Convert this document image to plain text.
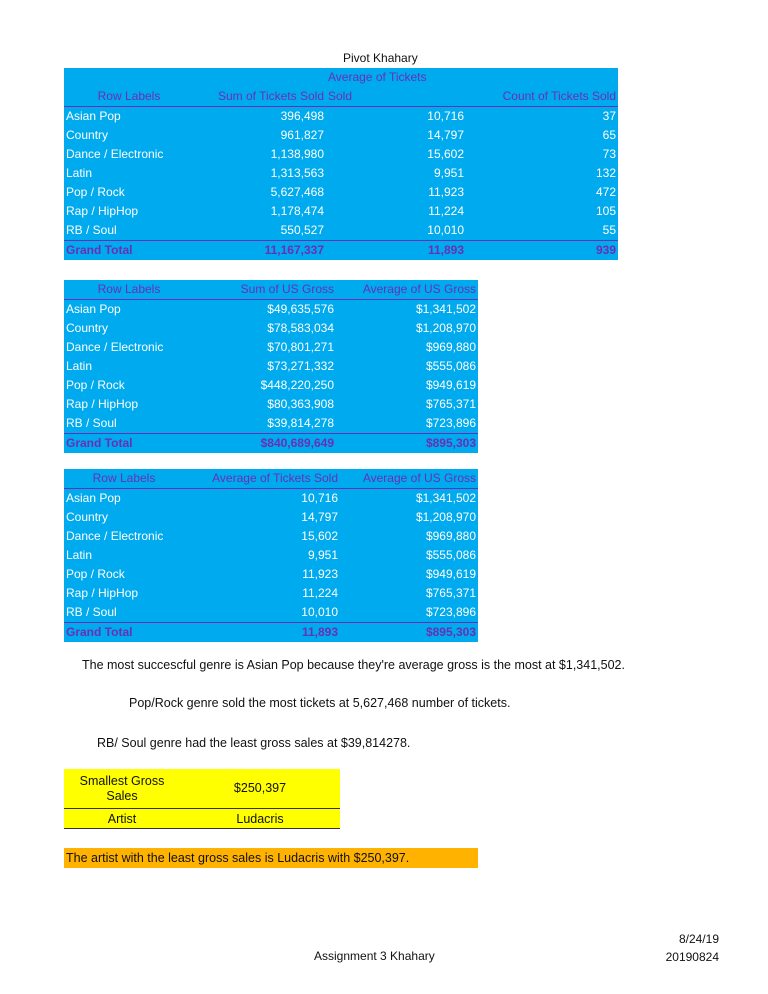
Pivot Khahary
		Average of Tickets	
Row Labels	Sum of Tickets Sold	Sold	Count of Tickets Sold
Asian Pop	396,498	10,716	37
Country	961,827	14,797	65
Dance / Electronic	1,138,980	15,602	73
Latin	1,313,563	9,951	132
Pop / Rock	5,627,468	11,923	472
Rap / HipHop	1,178,474	11,224	105
RB / Soul	550,527	10,010	55
Grand Total	11,167,337	11,893	939
Row Labels	Sum of US Gross	Average of US Gross
Asian Pop	$49,635,576	$1,341,502
Country	$78,583,034	$1,208,970
Dance / Electronic	$70,801,271	$969,880
Latin	$73,271,332	$555,086
Pop / Rock	$448,220,250	$949,619
Rap / HipHop	$80,363,908	$765,371
RB / Soul	$39,814,278	$723,896
Grand Total	$840,689,649	$895,303
Row Labels	Average of Tickets Sold	Average of US Gross
Asian Pop	10,716	$1,341,502
Country	14,797	$1,208,970
Dance / Electronic	15,602	$969,880
Latin	9,951	$555,086
Pop / Rock	11,923	$949,619
Rap / HipHop	11,224	$765,371
RB / Soul	10,010	$723,896
Grand Total	11,893	$895,303
The most succescful genre is Asian Pop because they're average gross is the most at $1,341,502.
Pop/Rock genre sold the most tickets at 5,627,468 number of tickets.
RB/ Soul genre had the least gross sales at $39,814278.
Smallest Gross
Sales	$250,397
Artist	Ludacris
The artist with the least gross sales is Ludacris with $250,397.
Assignment 3 Khahary
8/24/19
20190824
